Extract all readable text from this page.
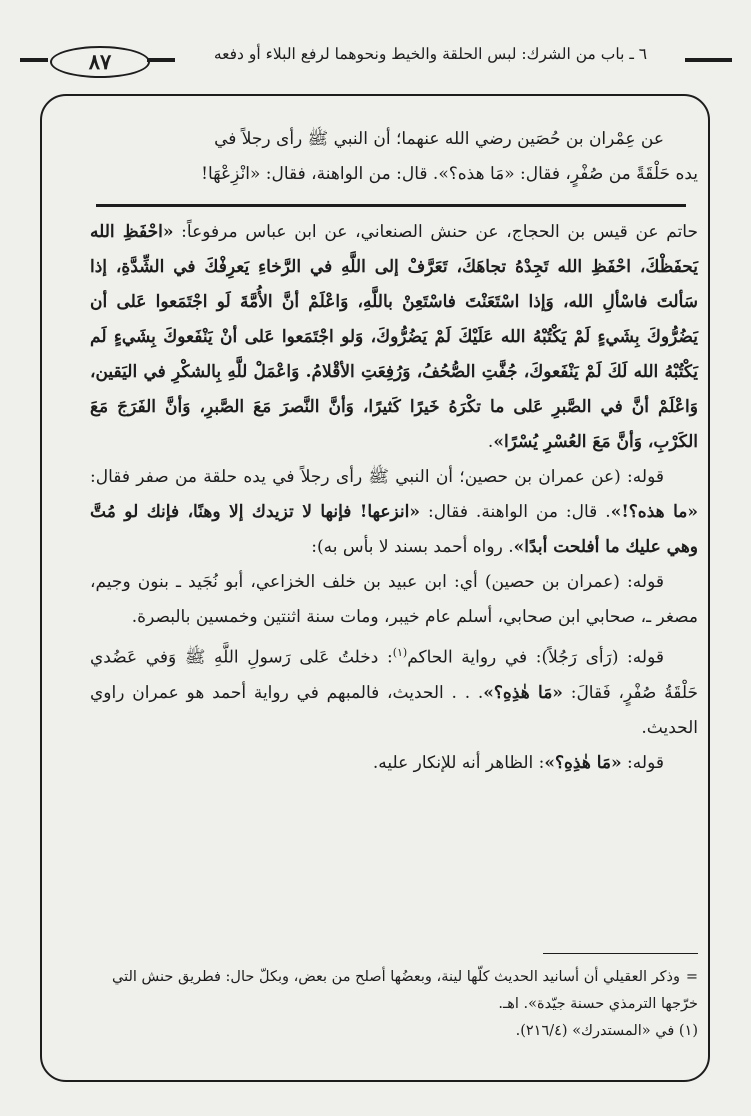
٨٧	٦ ـ باب من الشرك: لبس الحلقة والخيط ونحوهما لرفع البلاء أو دفعه

عن عِمْران بن حُصَين رضي الله عنهما؛ أن النبي ﷺ رأى رجلاً في

يده حَلْقَةً من صُفْرٍ، فقال: «مَا هذه؟». قال: من الواهنة، فقال: «انْزِعْهَا!

حاتم عن قيس بن الحجاج، عن حنش الصنعاني، عن ابن عباس مرفوعاً: «احْفَظِ الله يَحفَظْكَ، احْفَظِ الله تَجِدْهُ تجاهَكَ، تَعَرَّفْ إلى اللَّهِ في الرَّخاءِ يَعرِفْكَ في الشِّدَّةِ، إذا سَألتَ فاسْألِ الله، وَإذا اسْتَعَنْتَ فاسْتَعِنْ باللَّهِ، وَاعْلَمْ أنَّ الأُمَّةَ لَو اجْتَمَعوا عَلى أن يَضُرُّوكَ بِشَيءٍ لَمْ يَكْتُبْهُ الله عَلَيْكَ لَمْ يَضُرُّوكَ، وَلو اجْتَمَعوا عَلى أنْ يَنْفَعوكَ بِشَيءٍ لَم يَكْتُبْهُ الله لَكَ لَمْ يَنْفَعوكَ، جُفَّتِ الصُّحُفُ، وَرُفِعَتِ الأقْلامُ. وَاعْمَلْ للَّهِ بِالشكْرِ في اليَقين، وَاعْلَمْ أنَّ في الصَّبرِ عَلى ما تكْرَهُ خَيرًا كَثيرًا، وَأنَّ النَّصرَ مَعَ الصَّبرِ، وَأنَّ الفَرَجَ مَعَ الكَرْبِ، وَأنَّ مَعَ العُسْرِ يُسْرًا».

قوله: (عن عمران بن حصين؛ أن النبي ﷺ رأى رجلاً في يده حلقة من صفر فقال: «ما هذه؟!». قال: من الواهنة. فقال: «انزعها! فإنها لا تزيدك إلا وهنًا، فإنك لو مُتَّ وهي عليك ما أفلحت أبدًا». رواه أحمد بسند لا بأس به):

قوله: (عمران بن حصين) أي: ابن عبيد بن خلف الخزاعي، أبو نُجَيد ـ بنون وجيم، مصغر ـ، صحابي ابن صحابي، أسلم عام خيبر، ومات سنة اثنتين وخمسين بالبصرة.

قوله: (رَأى رَجُلاً): في رواية الحاكم$^{(١)}$: دخلتُ عَلى رَسولِ اللَّهِ ﷺ وَفي عَضُدي حَلْقَةُ صُفْرٍ، فَقالَ: «مَا هٰذِهِ؟». . . الحديث، فالمبهم في رواية أحمد هو عمران راوي الحديث.

قوله: «مَا هٰذِهِ؟»: الظاهر أنه للإنكار عليه.

=وذكر العقيلي أن أسانيد الحديث كلّها لينة، وبعضُها أصلح من بعض، وبكلّ حال: فطريق حنش التي خرّجها الترمذي حسنة جيّدة». اهـ.

(١) في «المستدرك» (٢١٦/٤).
